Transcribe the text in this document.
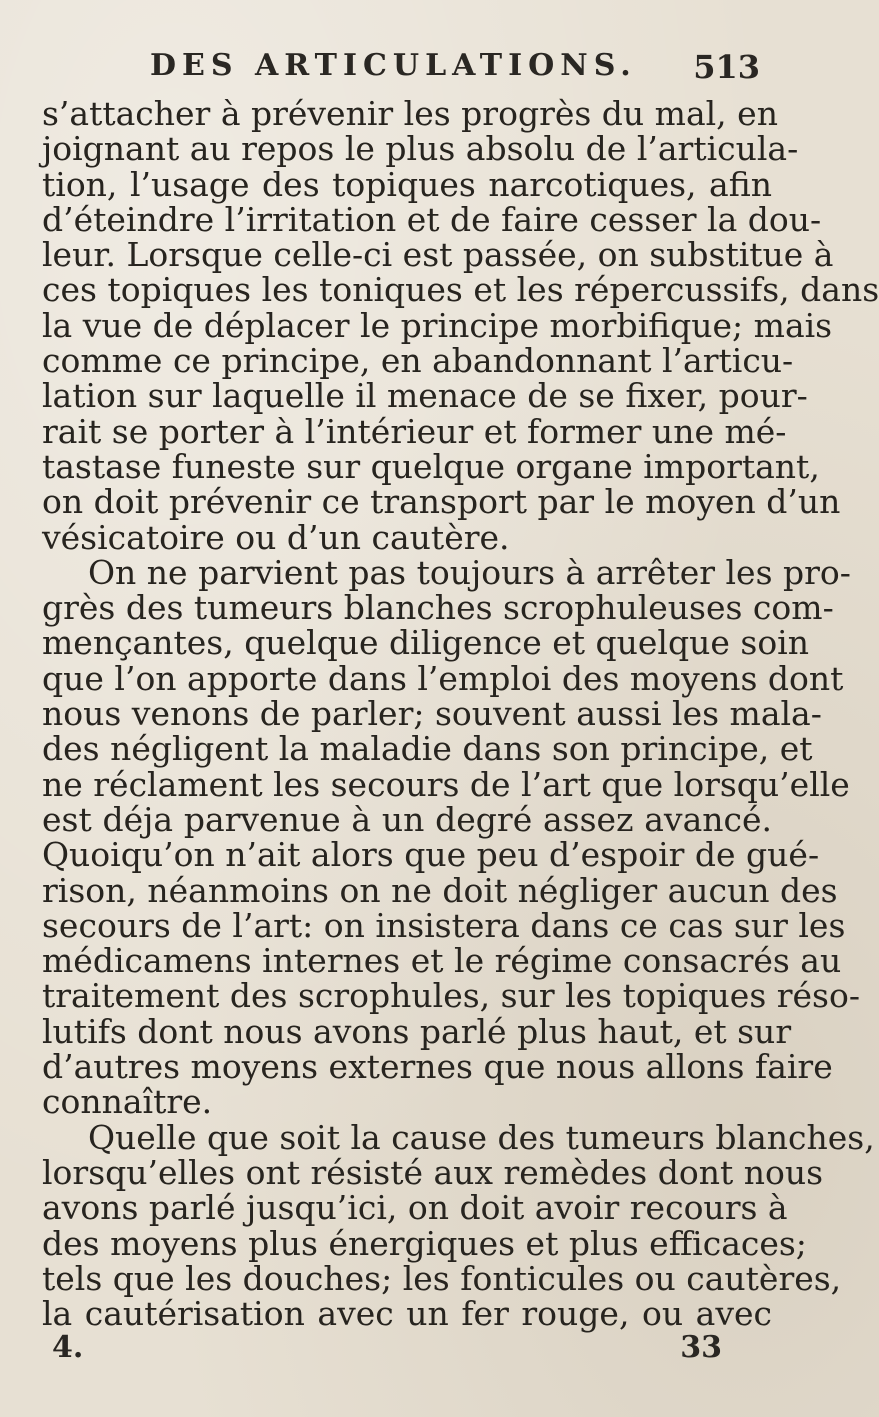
DES ARTICULATIONS. 513
s’attacher à prévenir les progrès du mal, en
joignant au repos le plus absolu de l’articula-
tion, l’usage des topiques narcotiques, afin
d’éteindre l’irritation et de faire cesser la dou-
leur. Lorsque celle-ci est passée, on substitue à
ces topiques les toniques et les répercussifs, dans
la vue de déplacer le principe morbifique; mais
comme ce principe, en abandonnant l’articu-
lation sur laquelle il menace de se fixer, pour-
rait se porter à l’intérieur et former une mé-
tastase funeste sur quelque organe important,
on doit prévenir ce transport par le moyen d’un
vésicatoire ou d’un cautère.
On ne parvient pas toujours à arrêter les pro-
grès des tumeurs blanches scrophuleuses com-
mençantes, quelque diligence et quelque soin
que l’on apporte dans l’emploi des moyens dont
nous venons de parler; souvent aussi les mala-
des négligent la maladie dans son principe, et
ne réclament les secours de l’art que lorsqu’elle
est déja parvenue à un degré assez avancé.
Quoiqu’on n’ait alors que peu d’espoir de gué-
rison, néanmoins on ne doit négliger aucun des
secours de l’art: on insistera dans ce cas sur les
médicamens internes et le régime consacrés au
traitement des scrophules, sur les topiques réso-
lutifs dont nous avons parlé plus haut, et sur
d’autres moyens externes que nous allons faire
connaître.
Quelle que soit la cause des tumeurs blanches,
lorsqu’elles ont résisté aux remèdes dont nous
avons parlé jusqu’ici, on doit avoir recours à
des moyens plus énergiques et plus efficaces;
tels que les douches; les fonticules ou cautères,
la cautérisation avec un fer rouge, ou avec
4.	33
